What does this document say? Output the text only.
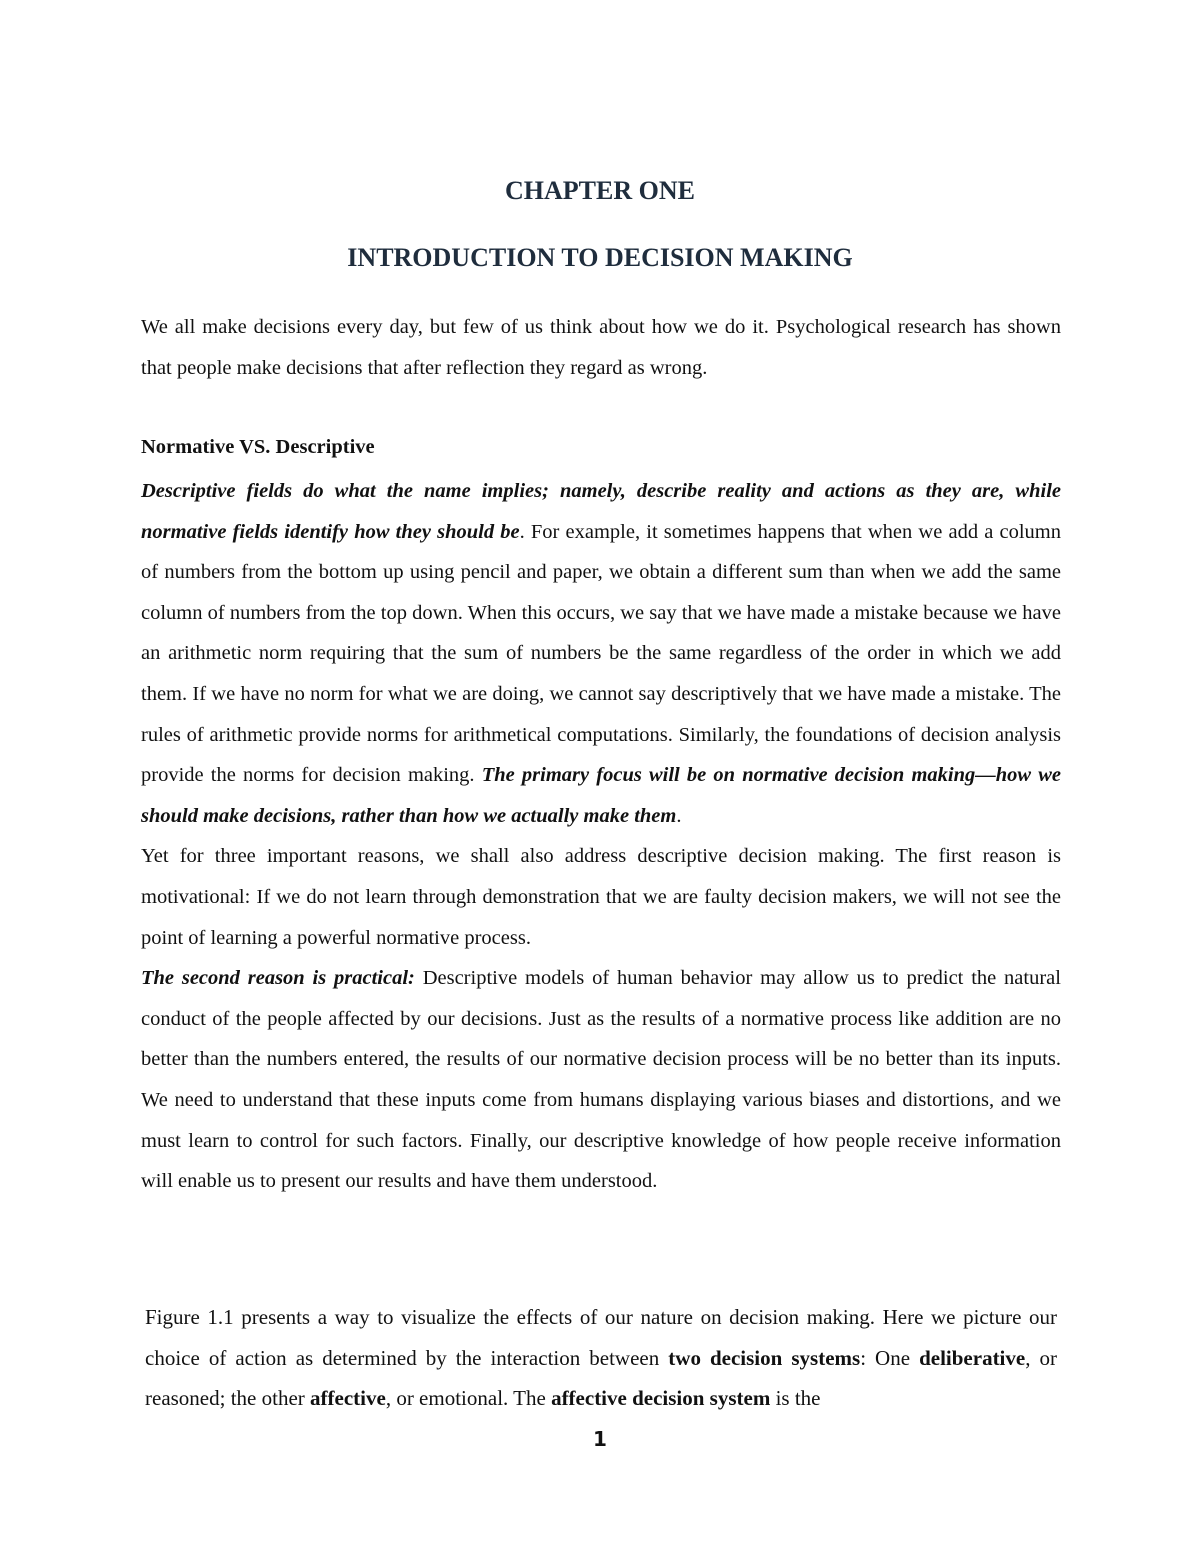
CHAPTER ONE
INTRODUCTION TO DECISION MAKING

We all make decisions every day, but few of us think about how we do it. Psychological research has shown that people make decisions that after reflection they regard as wrong.

Normative VS. Descriptive

Descriptive fields do what the name implies; namely, describe reality and actions as they are, while normative fields identify how they should be. For example, it sometimes happens that when we add a column of numbers from the bottom up using pencil and paper, we obtain a different sum than when we add the same column of numbers from the top down. When this occurs, we say that we have made a mistake because we have an arithmetic norm requiring that the sum of numbers be the same regardless of the order in which we add them. If we have no norm for what we are doing, we cannot say descriptively that we have made a mistake. The rules of arithmetic provide norms for arithmetical computations. Similarly, the foundations of decision analysis provide the norms for decision making. The primary focus will be on normative decision making—how we should make decisions, rather than how we actually make them.

Yet for three important reasons, we shall also address descriptive decision making. The first reason is motivational: If we do not learn through demonstration that we are faulty decision makers, we will not see the point of learning a powerful normative process.

The second reason is practical: Descriptive models of human behavior may allow us to predict the natural conduct of the people affected by our decisions. Just as the results of a normative process like addition are no better than the numbers entered, the results of our normative decision process will be no better than its inputs. We need to understand that these inputs come from humans displaying various biases and distortions, and we must learn to control for such factors. Finally, our descriptive knowledge of how people receive information will enable us to present our results and have them understood.

Figure 1.1 presents a way to visualize the effects of our nature on decision making. Here we picture our choice of action as determined by the interaction between two decision systems: One deliberative, or reasoned; the other affective, or emotional. The affective decision system is the

1
